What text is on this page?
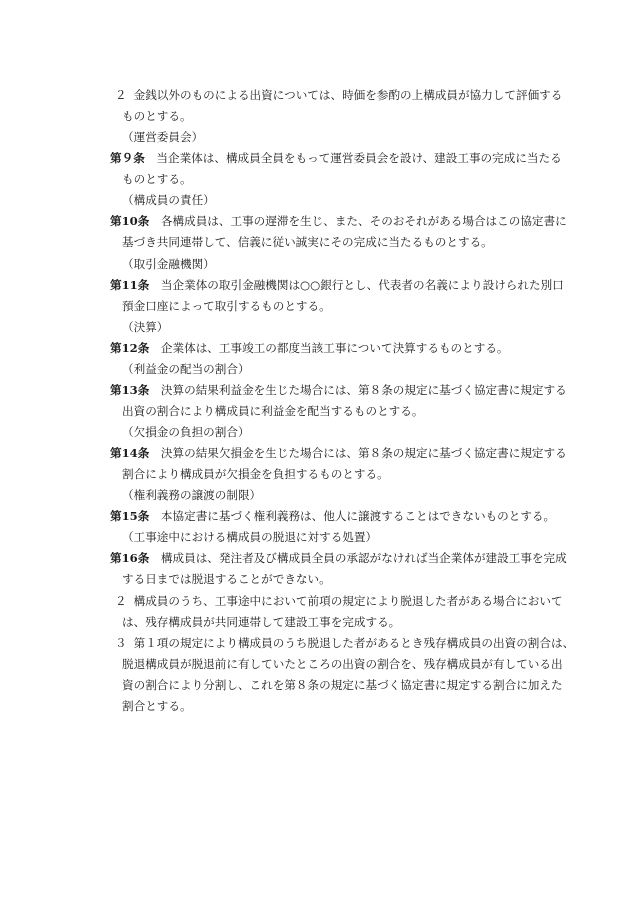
２ 金銭以外のものによる出資については、時価を参酌の上構成員が協力して評価する
ものとする。
（運営委員会）
第９条 当企業体は、構成員全員をもって運営委員会を設け、建設工事の完成に当たる
ものとする。
（構成員の責任）
第10条 各構成員は、工事の遅滞を生じ、また、そのおそれがある場合はこの協定書に
基づき共同連帯して、信義に従い誠実にその完成に当たるものとする。
（取引金融機関）
第11条 当企業体の取引金融機関は○○銀行とし、代表者の名義により設けられた別口
預金口座によって取引するものとする。
（決算）
第12条 企業体は、工事竣工の都度当該工事について決算するものとする。
（利益金の配当の割合）
第13条 決算の結果利益金を生じた場合には、第８条の規定に基づく協定書に規定する
出資の割合により構成員に利益金を配当するものとする。
（欠損金の負担の割合）
第14条 決算の結果欠損金を生じた場合には、第８条の規定に基づく協定書に規定する
割合により構成員が欠損金を負担するものとする。
（権利義務の譲渡の制限）
第15条 本協定書に基づく権利義務は、他人に譲渡することはできないものとする。
（工事途中における構成員の脱退に対する処置）
第16条 構成員は、発注者及び構成員全員の承認がなければ当企業体が建設工事を完成
する日までは脱退することができない。
２ 構成員のうち、工事途中において前項の規定により脱退した者がある場合において
は、残存構成員が共同連帯して建設工事を完成する。
３ 第１項の規定により構成員のうち脱退した者があるとき残存構成員の出資の割合は、
脱退構成員が脱退前に有していたところの出資の割合を、残存構成員が有している出
資の割合により分割し、これを第８条の規定に基づく協定書に規定する割合に加えた
割合とする。
